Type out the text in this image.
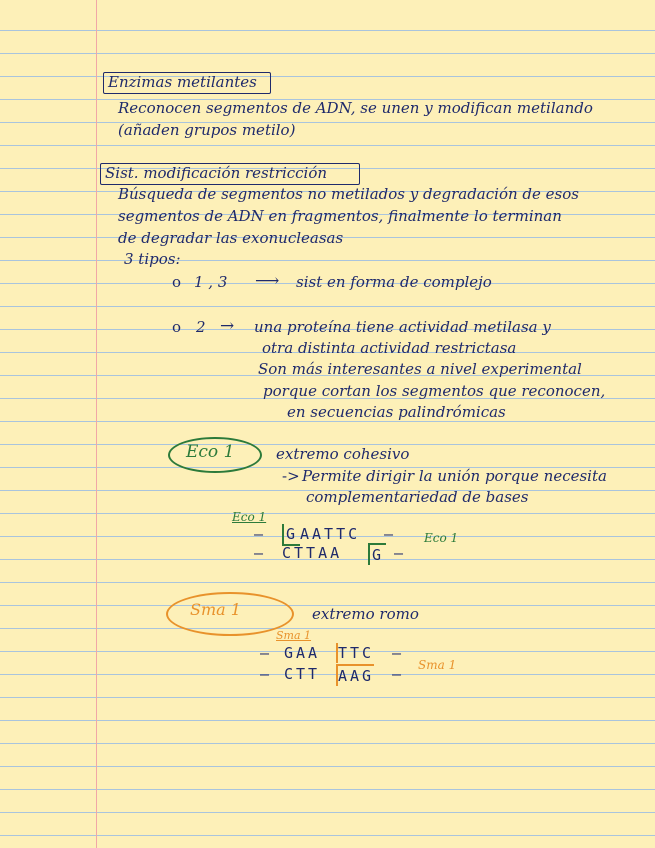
Enzimas metilantes
Reconocen segmentos de ADN, se unen y modifican metilando
(añaden grupos metilo)
Sist. modificación restricción
Búsqueda de segmentos no metilados y degradación de esos
segmentos de ADN en fragmentos, finalmente lo terminan
de degradar las exonucleasas
3 tipos:
o 1 , 3 ⟶ sist en forma de complejo
o 2 → una proteína tiene actividad metilasa y
otra distinta actividad restrictasa
Son más interesantes a nivel experimental
porque cortan los segmentos que reconocen,
en secuencias palindrómicas
Eco 1	extremo cohesivo
-> Permite dirigir la unión porque necesita
complementariedad de bases
Eco 1
Eco 1
— G AATTC —
— CTTAA G —
Sma 1	extremo romo
Sma 1
Sma 1
— GAA TTC —
— CTT AAG —
